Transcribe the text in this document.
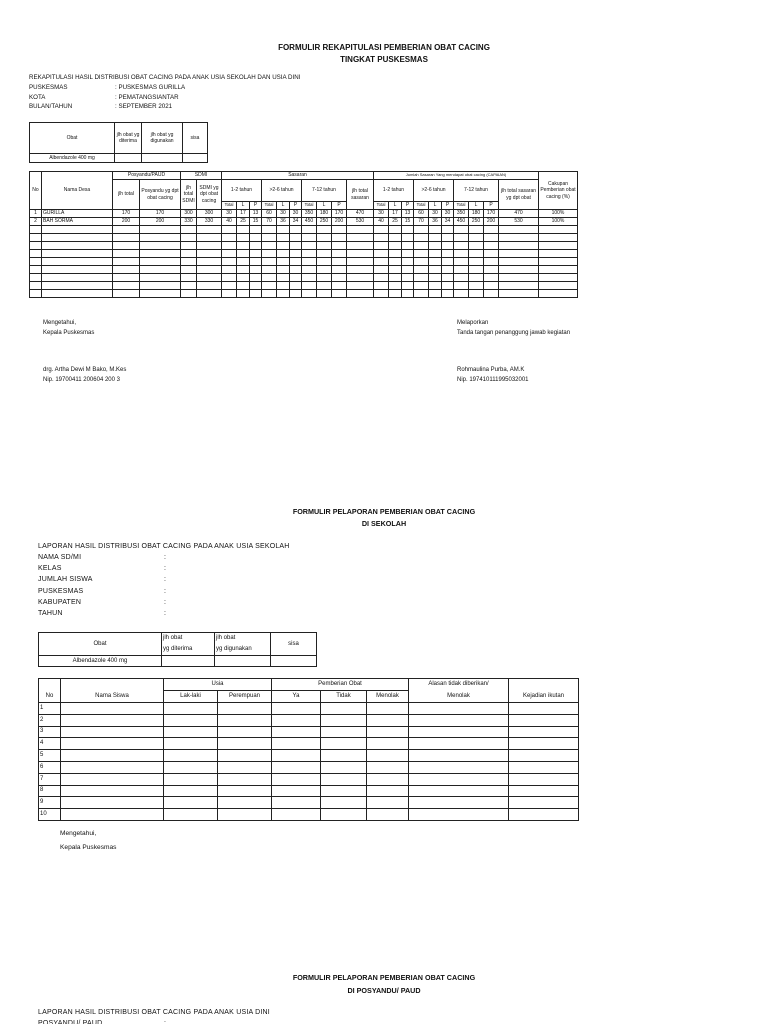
FORMULIR REKAPITULASI PEMBERIAN OBAT CACING
TINGKAT PUSKESMAS
REKAPITULASI HASIL DISTRIBUSI OBAT CACING PADA ANAK USIA SEKOLAH DAN USIA DINI
PUSKESMAS	: PUSKESMAS GURILLA
KOTA	: PEMATANGSIANTAR
BULAN/TAHUN	: SEPTEMBER 2021
Obat	jlh obat yg diterima	jlh obat yg digunakan	sisa
Albendazole 400 mg			
No	Nama Desa	Posyandu/PAUD		SDMI		Sasaran										Jumlah Sasaran Yang mendapat obat cacing (CAPAIAN)										Cakupan Pemberian obat cacing (%)
		jlh total	Posyandu yg dpt obat cacing	jlh total SDMI	SDMI yg dpt obat cacing	1-2 tahun			>2-6 tahun			7-12 tahun			jlh total sasaran	1-2 tahun			>2-6 tahun			7-12 tahun			jlh total sasaran yg dpt obat	
						Total	L	P	Total	L	P	Total	L	P		Total	L	P	Total	L	P	Total	L	P		
1	GURILLA	170	170	300	300	30	17	13	60	30	30	350	180	170	470	30	17	13	60	30	30	350	180	170	470	100%
2	BAH SORMA	200	200	330	330	40	25	15	70	36	34	450	250	200	530	40	25	15	70	36	34	450	250	200	530	100%

Mengetahui,
Kepala Puskesmas
drg. Artha Dewi M Bako, M.Kes
Nip. 19700411 200604 200 3
Melaporkan
Tanda tangan penanggung jawab kegiatan
Rohmaulina Purba, AM.K
Nip. 197410111995032001
FORMULIR PELAPORAN PEMBERIAN OBAT CACING
DI SEKOLAH
LAPORAN HASIL DISTRIBUSI OBAT CACING PADA ANAK USIA SEKOLAH
NAMA SD/MI	:
KELAS	:
JUMLAH SISWA	:
PUSKESMAS	:
KABUPATEN	:
TAHUN	:
Obat	jlh obat	jlh obat	sisa
	yg diterima	yg digunakan	
Albendazole 400 mg			
		Usia		Pemberian Obat			Alasan tidak diberikan/	
No	Nama Siswa	Lak-laki	Perempuan	Ya	Tidak	Menolak	Menolak	Kejadian ikutan
1								
2								
3								
4								
5								
6								
7								
8								
9								
10								
Mengetahui,
Kepala Puskesmas
FORMULIR PELAPORAN PEMBERIAN OBAT CACING
DI POSYANDU/ PAUD
LAPORAN HASIL DISTRIBUSI OBAT CACING PADA ANAK USIA DINI
POSYANDU/ PAUD	:
